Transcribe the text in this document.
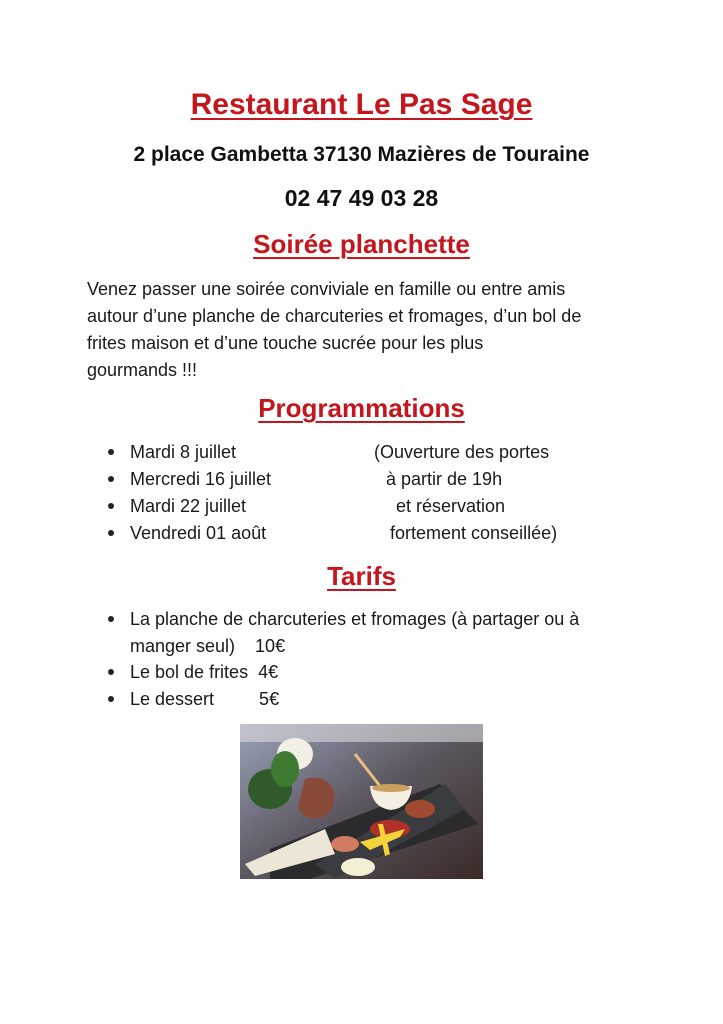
Restaurant Le Pas Sage
2 place Gambetta 37130 Mazières de Touraine
02 47 49 03 28
Soirée planchette
Venez passer une soirée conviviale en famille ou entre amis
autour d’une planche de charcuteries et fromages, d’un bol de
frites maison et d’une touche sucrée pour les plus
gourmands !!!
Programmations
Mardi 8 juillet
Mercredi 16 juillet
Mardi 22 juillet
Vendredi 01 août
(Ouverture des portes
à partir de 19h
et réservation
fortement conseillée)
Tarifs
La planche de charcuteries et fromages (à partager ou à
manger seul)    10€
Le bol de frites  4€
Le dessert         5€
